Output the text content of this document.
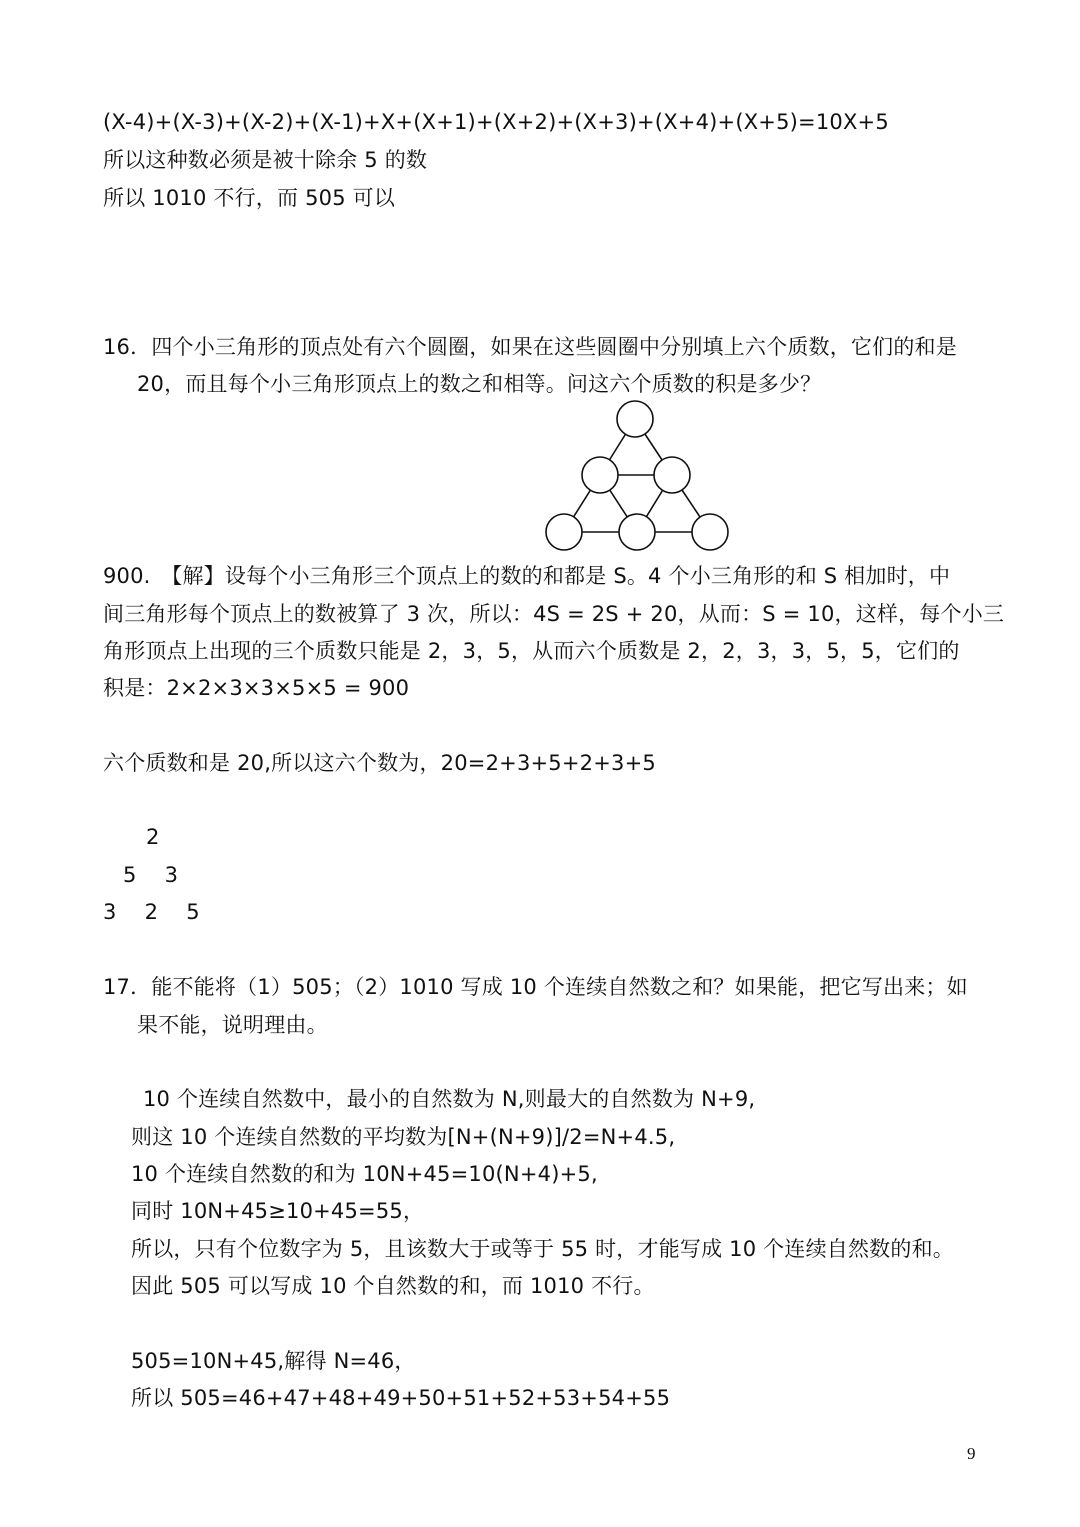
(X-4)+(X-3)+(X-2)+(X-1)+X+(X+1)+(X+2)+(X+3)+(X+4)+(X+5)=10X+5
所以这种数必须是被十除余 5 的数
所以 1010 不行，而 505 可以
16．四个小三角形的顶点处有六个圆圈，如果在这些圆圈中分别填上六个质数，它们的和是
20，而且每个小三角形顶点上的数之和相等。问这六个质数的积是多少？
900.　【解】设每个小三角形三个顶点上的数的和都是 S。4 个小三角形的和 S 相加时，中
间三角形每个顶点上的数被算了 3 次，所以：4S = 2S + 20，从而：S = 10，这样，每个小三
角形顶点上出现的三个质数只能是 2，3，5，从而六个质数是 2，2，3，3，5，5，它们的
积是：2×2×3×3×5×5 = 900
六个质数和是 20,所以这六个数为，20=2+3+5+2+3+5
2
5　 3
3　 2　 5
17．能不能将（1）505；（2）1010 写成 10 个连续自然数之和？如果能，把它写出来；如
果不能，说明理由。
10 个连续自然数中，最小的自然数为 N,则最大的自然数为 N+9,
则这 10 个连续自然数的平均数为[N+(N+9)]/2=N+4.5,
10 个连续自然数的和为 10N+45=10(N+4)+5,
同时 10N+45≥10+45=55，
所以，只有个位数字为 5，且该数大于或等于 55 时，才能写成 10 个连续自然数的和。
因此 505 可以写成 10 个自然数的和，而 1010 不行。
505=10N+45,解得 N=46，
所以 505=46+47+48+49+50+51+52+53+54+55
9
